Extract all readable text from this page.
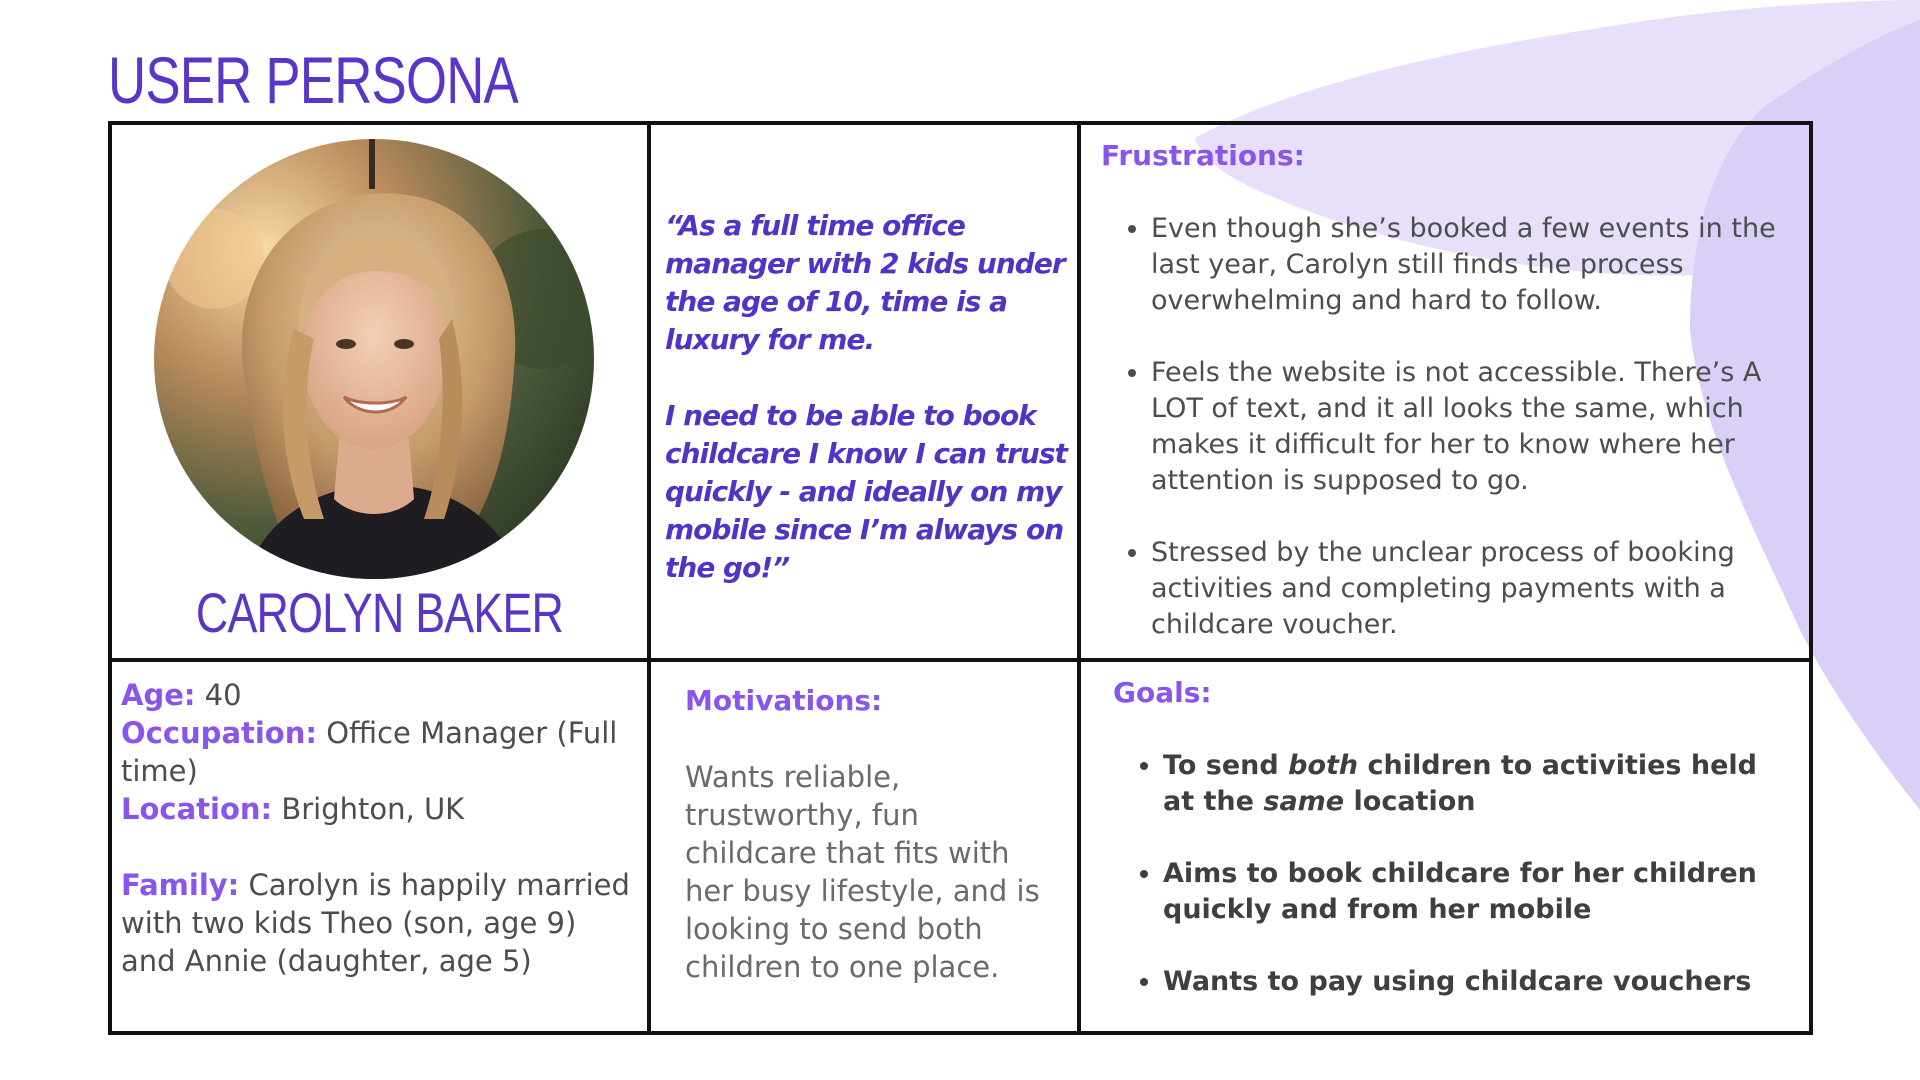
USER PERSONA
CAROLYN BAKER

“As a full time office manager with 2 kids under the age of 10, time is a luxury for me.

I need to be able to book childcare I know I can trust quickly - and ideally on my mobile since I’m always on the go!”

Frustrations:
• Even though she’s booked a few events in the last year, Carolyn still finds the process overwhelming and hard to follow.
• Feels the website is not accessible. There’s A LOT of text, and it all looks the same, which makes it difficult for her to know where her attention is supposed to go.
• Stressed by the unclear process of booking activities and completing payments with a childcare voucher.

Age: 40

Occupation: Office Manager (Full time)

Location: Brighton, UK

Family: Carolyn is happily married with two kids Theo (son, age 9) and Annie (daughter, age 5)

Motivations:

Wants reliable, trustworthy, fun childcare that fits with her busy lifestyle, and is looking to send both children to one place.

Goals:
• To send both children to activities held at the same location
• Aims to book childcare for her children quickly and from her mobile
• Wants to pay using childcare vouchers
